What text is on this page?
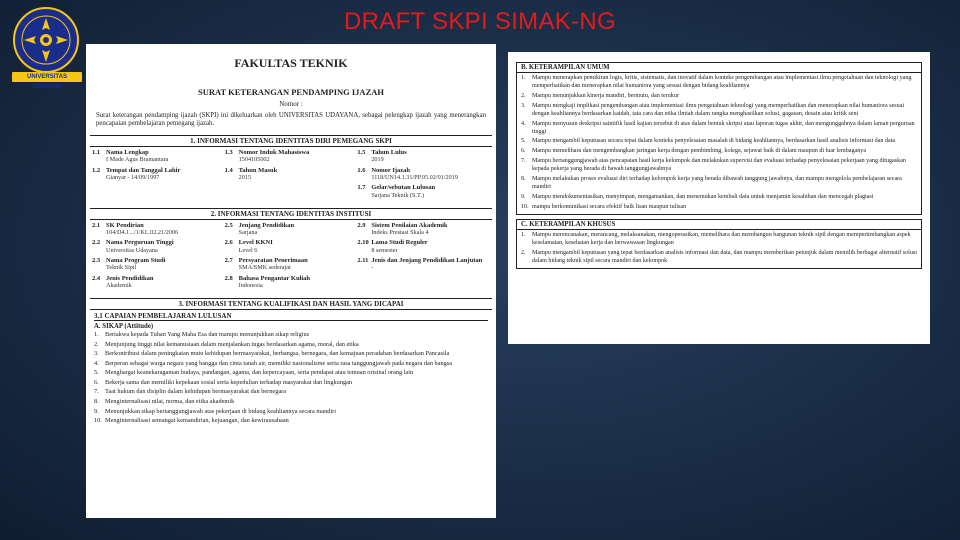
DRAFT SKPI SIMAK-NG
UNIVERSITAS UDAYANA
FAKULTAS TEKNIK
SURAT KETERANGAN PENDAMPING IJAZAH
Nomor :
Surat keterangan pendamping ijazah (SKPI) ini dikeluarkan oleh UNIVERSITAS UDAYANA, sebagai pelengkap ijazah yang menerangkan pencapaian pembelajaran pemegang ijazah.
1. INFORMASI TENTANG IDENTITAS DIRI PEMEGANG SKPI
1.1 Nama Lengkap
I Made Agus Bramantara
1.3 Nomor Induk Mahasiswa
1504105002
1.5 Tahun Lulus
2019
1.2 Tempat dan Tanggal Lahir
Gianyar - 14/09/1997
1.4 Tahun Masuk
2015
1.6 Nomor Ijazah
1118/UN14.1.31/PP.05.02/01/2019
1.7 Gelar/sebutan Lulusan
Sarjana Teknik (S.T.)
2. INFORMASI TENTANG IDENTITAS INSTITUSI
2.1 SK Pendirian
104/D4.1.../1/KL.02.21/2006
2.5 Jenjang Pendidikan
Sarjana
2.9 Sistem Penilaian Akademik
Indeks Prestasi Skala 4
2.2 Nama Perguruan Tinggi
Universitas Udayana
2.6 Level KKNI
Level 6
2.10 Lama Studi Reguler
8 semester
2.3 Nama Program Studi
Teknik Sipil
2.7 Persyaratan Penerimaan
SMA/SMK sederajat
2.11 Jenis dan Jenjang Pendidikan Lanjutan
-
2.4 Jenis Pendidikan
Akademik
2.8 Bahasa Pengantar Kuliah
Indonesia
3. INFORMASI TENTANG KUALIFIKASI DAN HASIL YANG DICAPAI
3.1 CAPAIAN PEMBELAJARAN LULUSAN
A. SIKAP (Attitude)
1. Bertakwa kepada Tuhan Yang Maha Esa dan mampu menunjukkan sikap religius
2. Menjunjung tinggi nilai kemanusiaan dalam menjalankan tugas berdasarkan agama, moral, dan etika
3. Berkontribusi dalam peningkatan mutu kehidupan bermasyarakat, berbangsa, bernegara, dan kemajuan peradaban berdasarkan Pancasila
4. Berperan sebagai warga negara yang bangga dan cinta tanah air, memiliki nasionalisme serta rasa tanggungjawab pada negara dan bangsa
5. Menghargai keanekaragaman budaya, pandangan, agama, dan kepercayaan, serta pendapat atau temuan orisinal orang lain
6. Bekerja sama dan memiliki kepekaan sosial serta kepedulian terhadap masyarakat dan lingkungan
7. Taat hukum dan disiplin dalam kehidupan bermasyarakat dan bernegara
8. Menginternalisasi nilai, norma, dan etika akademik
9. Menunjukkan sikap bertanggungjawab atas pekerjaan di bidang keahliannya secara mandiri
10. Menginternalisasi semangat kemandirian, kejuangan, dan kewirausahaan
B. KETERAMPILAN UMUM
1.	Mampu menerapkan pemikiran logis, kritis, sistematis, dan inovatif dalam konteks pengembangan atau implementasi ilmu pengetahuan dan teknologi yang memperhatikan dan menerapkan nilai humaniora yang sesuai dengan bidang keahliannya
2.	Mampu menunjukkan kinerja mandiri, bermutu, dan terukur
3.	Mampu mengkaji implikasi pengembangan atau implementasi ilmu pengetahuan teknologi yang memperhatikan dan menerapkan nilai humaniora sesuai dengan keahliannya berdasarkan kaidah, tata cara dan etika ilmiah dalam rangka menghasilkan solusi, gagasan, desain atau kritik seni
4.	Mampu menyusun deskripsi saintifik hasil kajian tersebut di atas dalam bentuk skripsi atau laporan tugas akhir, dan mengunggahnya dalam laman perguruan tinggi
5.	Mampu mengambil keputusan secara tepat dalam konteks penyelesaian masalah di bidang keahliannya, berdasarkan hasil analisis informasi dan data
6.	Mampu memelihara dan mengembangkan jaringan kerja dengan pembimbing, kolega, sejawat baik di dalam maupun di luar lembaganya
7.	Mampu bertanggungjawab atas pencapaian hasil kerja kelompok dan melakukan supervisi dan evaluasi terhadap penyelesaian pekerjaan yang ditugaskan kepada pekerja yang berada di bawah tanggungjawabnya
8.	Mampu melakukan proses evaluasi diri terhadap kelompok kerja yang berada dibawah tanggung jawabnya, dan mampu mengelola pembelajaran secara mandiri
9.	Mampu mendokumentasikan, menyimpan, mengamankan, dan menemukan kembali data untuk menjamin kesahihan dan mencegah plagiasi
10. mampu berkomunikasi secara efektif baik lisan maupun tulisan
C. KETERAMPILAN KHUSUS
1.	Mampu merencanakan, merancang, melaksanakan, mengoperasikan, memelihara dan membangun bangunan teknik sipil dengan mempertimbangkan aspek keselamatan, kesehatan kerja dan berwawasan lingkungan
2.	Mampu mengambil keputusan yang tepat berdasarkan analisis informasi dan data, dan mampu memberikan petunjuk dalam memilih berbagai alternatif solusi dalam bidang teknik sipil secara mandiri dan kelompok
